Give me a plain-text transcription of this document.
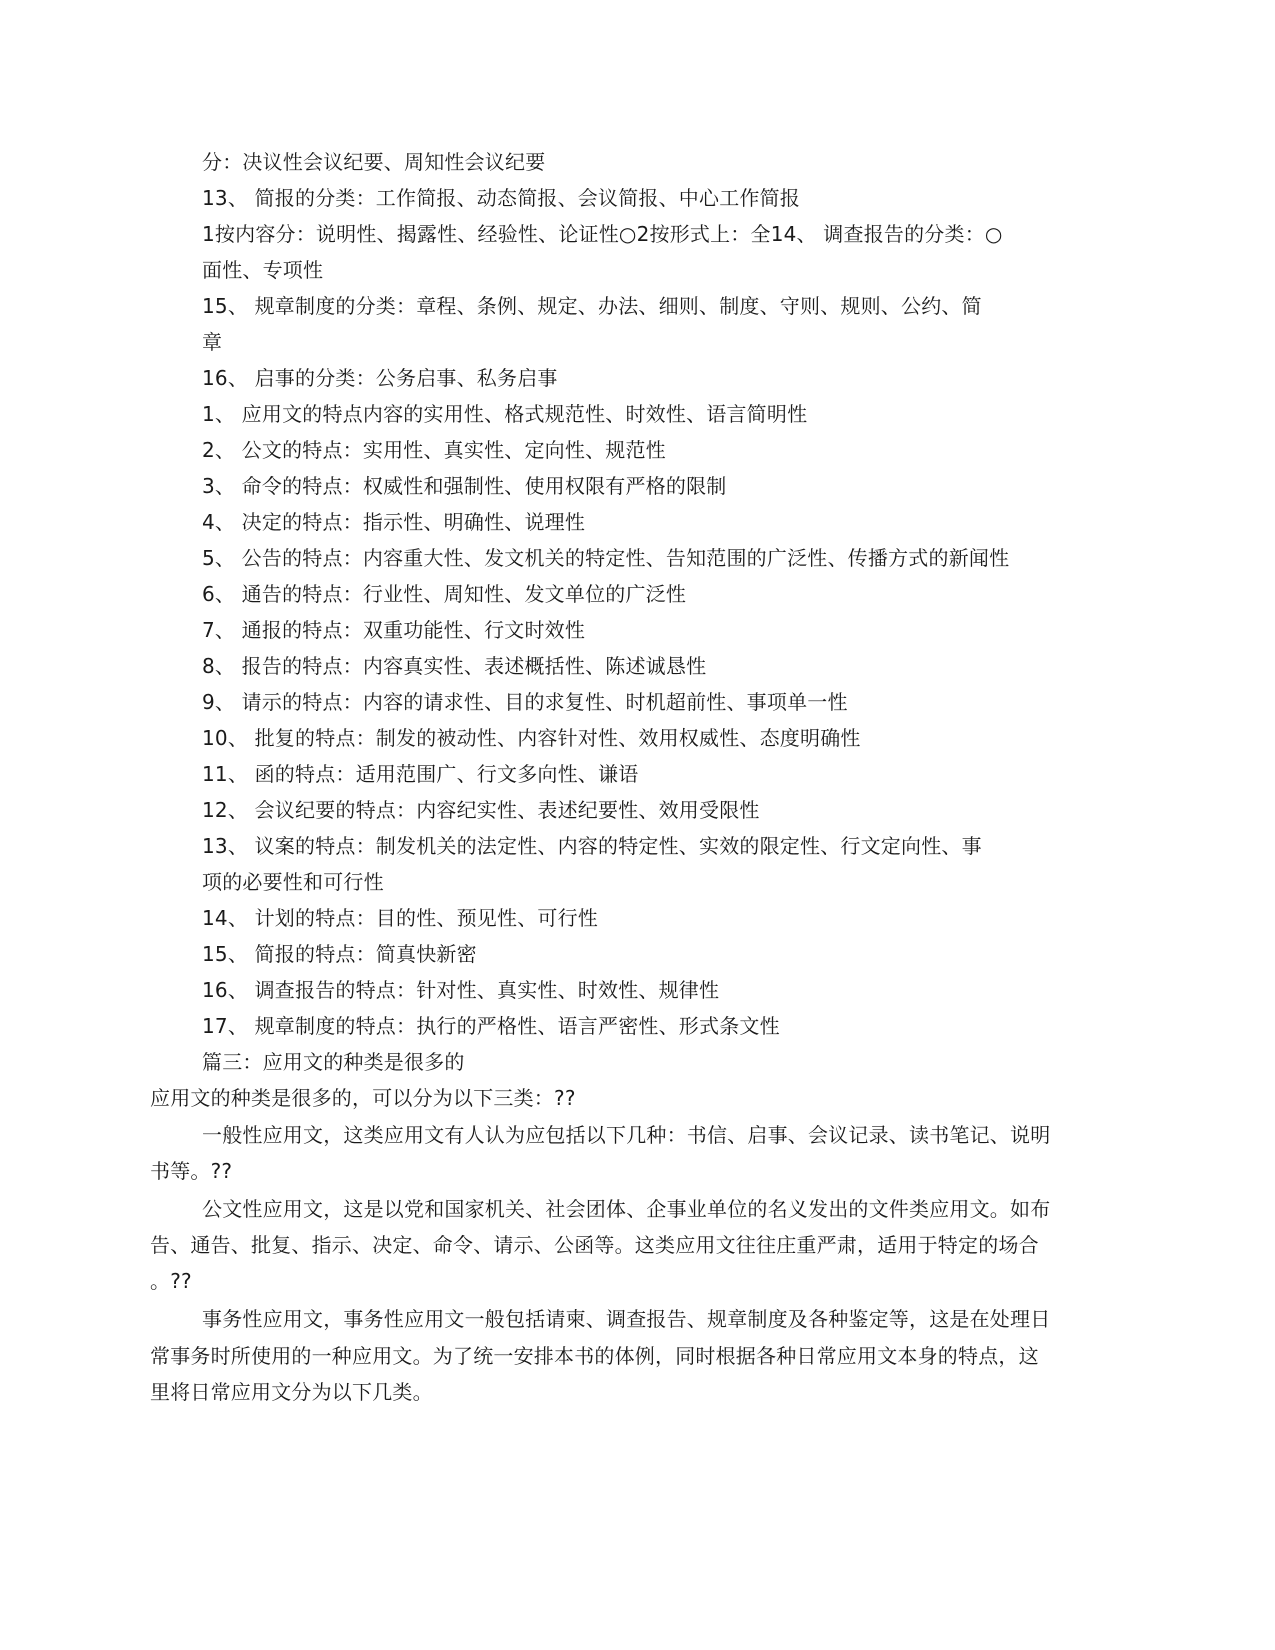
分：决议性会议纪要、周知性会议纪要
13、 简报的分类：工作简报、动态简报、会议简报、中心工作简报
1按内容分：说明性、揭露性、经验性、论证性○2按形式上：全14、 调查报告的分类：○
面性、专项性
15、 规章制度的分类：章程、条例、规定、办法、细则、制度、守则、规则、公约、简
章
16、 启事的分类：公务启事、私务启事
1、 应用文的特点内容的实用性、格式规范性、时效性、语言简明性
2、 公文的特点：实用性、真实性、定向性、规范性
3、 命令的特点：权威性和强制性、使用权限有严格的限制
4、 决定的特点：指示性、明确性、说理性
5、 公告的特点：内容重大性、发文机关的特定性、告知范围的广泛性、传播方式的新闻性
6、 通告的特点：行业性、周知性、发文单位的广泛性
7、 通报的特点：双重功能性、行文时效性
8、 报告的特点：内容真实性、表述概括性、陈述诚恳性
9、 请示的特点：内容的请求性、目的求复性、时机超前性、事项单一性
10、 批复的特点：制发的被动性、内容针对性、效用权威性、态度明确性
11、 函的特点：适用范围广、行文多向性、谦语
12、 会议纪要的特点：内容纪实性、表述纪要性、效用受限性
13、 议案的特点：制发机关的法定性、内容的特定性、实效的限定性、行文定向性、事
项的必要性和可行性
14、 计划的特点：目的性、预见性、可行性
15、 简报的特点：简真快新密
16、 调查报告的特点：针对性、真实性、时效性、规律性
17、 规章制度的特点：执行的严格性、语言严密性、形式条文性
篇三：应用文的种类是很多的
应用文的种类是很多的，可以分为以下三类：??
一般性应用文，这类应用文有人认为应包括以下几种：书信、启事、会议记录、读书笔记、说明
书等。??
公文性应用文，这是以党和国家机关、社会团体、企事业单位的名义发出的文件类应用文。如布
告、通告、批复、指示、决定、命令、请示、公函等。这类应用文往往庄重严肃，适用于特定的场合
。??
事务性应用文，事务性应用文一般包括请柬、调查报告、规章制度及各种鉴定等，这是在处理日
常事务时所使用的一种应用文。为了统一安排本书的体例，同时根据各种日常应用文本身的特点，这
里将日常应用文分为以下几类。
